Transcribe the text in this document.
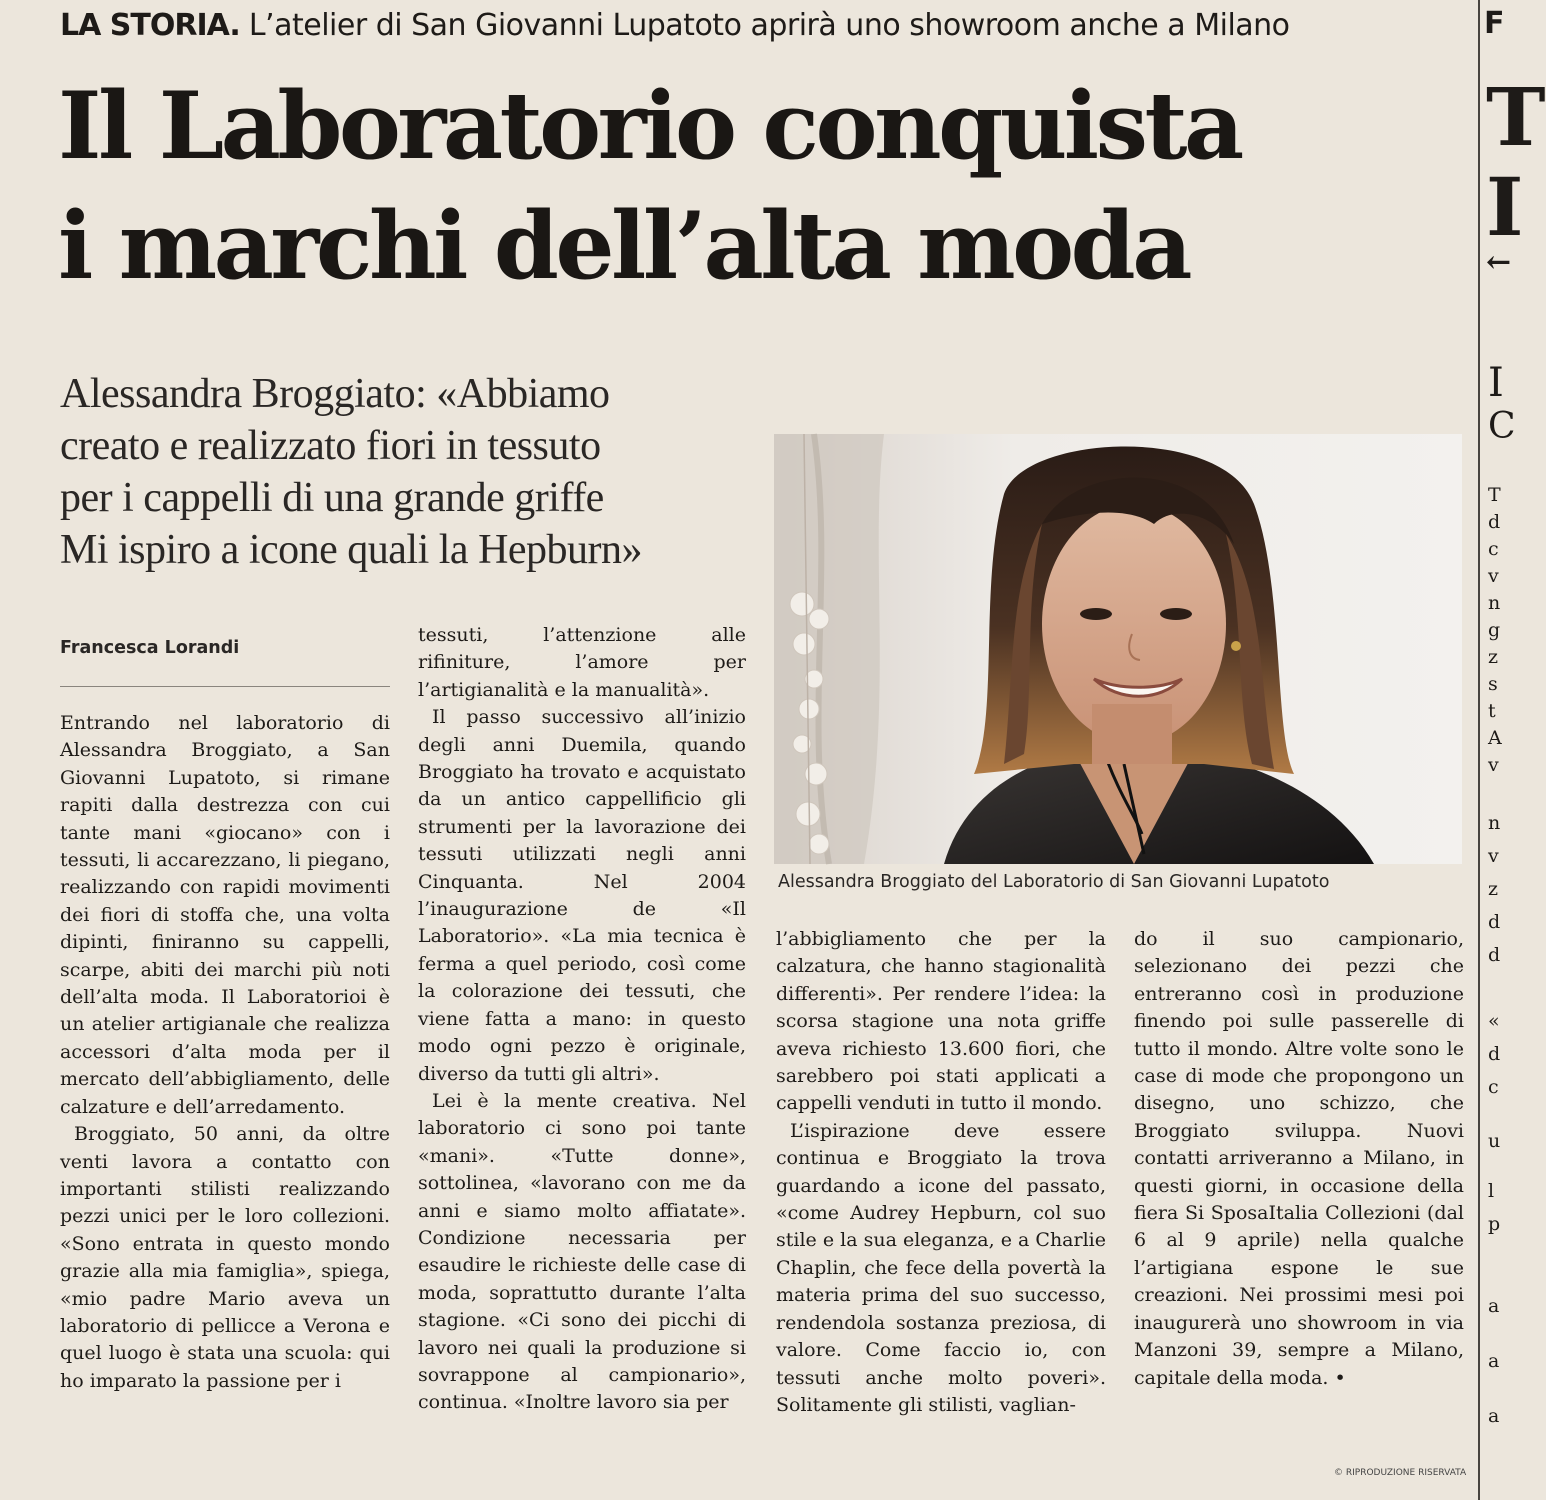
LA STORIA. L’atelier di San Giovanni Lupatoto aprirà uno showroom anche a Milano
Il Laboratorio conquista
i marchi dell’alta moda
Alessandra Broggiato: «Abbiamo
creato e realizzato fiori in tessuto
per i cappelli di una grande griffe
Mi ispiro a icone quali la Hepburn»
Francesca Lorandi

Entrando nel laboratorio di Alessandra Broggiato, a San Giovanni Lupatoto, si rimane rapiti dalla destrezza con cui tante mani «giocano» con i tessuti, li accarezzano, li piegano, realizzando con rapidi movimenti dei fiori di stoffa che, una volta dipinti, finiranno su cappelli, scarpe, abiti dei marchi più noti dell’alta moda. Il Laboratorioi è un atelier artigianale che realizza accessori d’alta moda per il mercato dell’abbigliamento, delle calzature e dell’arredamento.

Broggiato, 50 anni, da oltre venti lavora a contatto con importanti stilisti realizzando pezzi unici per le loro collezioni. «Sono entrata in questo mondo grazie alla mia famiglia», spiega, «mio padre Mario aveva un laboratorio di pellicce a Verona e quel luogo è stata una scuola: qui ho imparato la passione per i

tessuti, l’attenzione alle rifiniture, l’amore per l’artigianalità e la manualità».

Il passo successivo all’inizio degli anni Duemila, quando Broggiato ha trovato e acquistato da un antico cappellificio gli strumenti per la lavorazione dei tessuti utilizzati negli anni Cinquanta. Nel 2004 l’inaugurazione de «Il Laboratorio». «La mia tecnica è ferma a quel periodo, così come la colorazione dei tessuti, che viene fatta a mano: in questo modo ogni pezzo è originale, diverso da tutti gli altri».

Lei è la mente creativa. Nel laboratorio ci sono poi tante «mani». «Tutte donne», sottolinea, «lavorano con me da anni e siamo molto affiatate». Condizione necessaria per esaudire le richieste delle case di moda, soprattutto durante l’alta stagione. «Ci sono dei picchi di lavoro nei quali la produzione si sovrappone al campionario», continua. «Inoltre lavoro sia per

l’abbigliamento che per la calzatura, che hanno stagionalità differenti». Per rendere l’idea: la scorsa stagione una nota griffe aveva richiesto 13.600 fiori, che sarebbero poi stati applicati a cappelli venduti in tutto il mondo.

L’ispirazione deve essere continua e Broggiato la trova guardando a icone del passato, «come Audrey Hepburn, col suo stile e la sua eleganza, e a Charlie Chaplin, che fece della povertà la materia prima del suo successo, rendendola sostanza preziosa, di valore. Come faccio io, con tessuti anche molto poveri». Solitamente gli stilisti, vaglian-

do il suo campionario, selezionano dei pezzi che entreranno così in produzione finendo poi sulle passerelle di tutto il mondo. Altre volte sono le case di mode che propongono un disegno, uno schizzo, che Broggiato sviluppa. Nuovi contatti arriveranno a Milano, in questi giorni, in occasione della fiera Si SposaItalia Collezioni (dal 6 al 9 aprile) nella qualche l’artigiana espone le sue creazioni. Nei prossimi mesi poi inaugurerà uno showroom in via Manzoni 39, sempre a Milano, capitale della moda. •

Alessandra Broggiato del Laboratorio di San Giovanni Lupatoto
© RIPRODUZIONE RISERVATA
F
T
I
←
I
C
T
d
c
v
n
g
z
s
t
A
v
n
v
z
d
d
«
d
c
u
l
p
a
a
a
